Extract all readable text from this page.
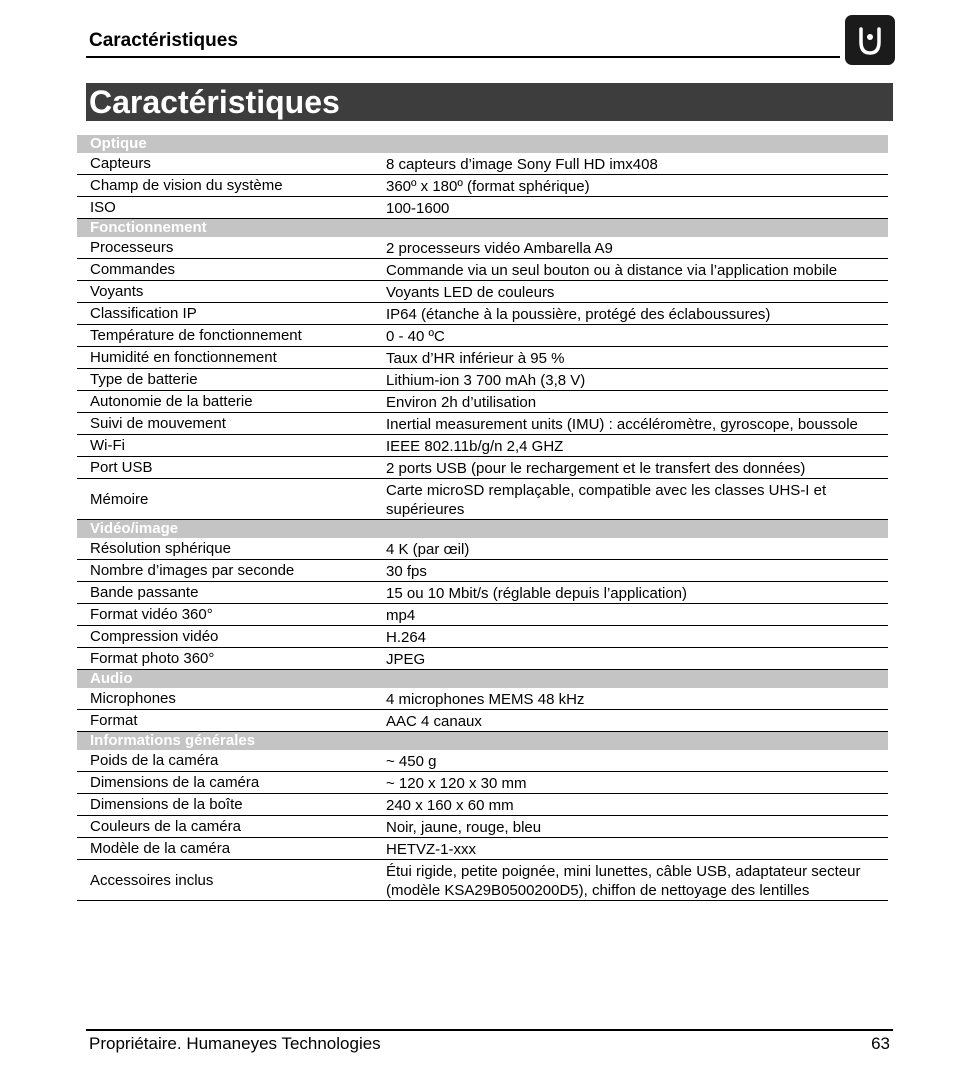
Caractéristiques
Caractéristiques
Optique	
Capteurs	8 capteurs d’image Sony Full HD imx408
Champ de vision du système	360º x 180º (format sphérique)
ISO	100-1600
Fonctionnement	
Processeurs	2 processeurs vidéo Ambarella A9
Commandes	Commande via un seul bouton ou à distance via l’application mobile
Voyants	Voyants LED de couleurs
Classification IP	IP64 (étanche à la poussière, protégé des éclaboussures)
Température de fonctionnement	0 - 40 ºC
Humidité en fonctionnement	Taux d’HR inférieur à 95 %
Type de batterie	Lithium-ion 3 700 mAh (3,8 V)
Autonomie de la batterie	Environ 2h d’utilisation
Suivi de mouvement	Inertial measurement units (IMU) : accéléromètre, gyroscope, boussole
Wi-Fi	IEEE 802.11b/g/n 2,4 GHZ
Port USB	2 ports USB (pour le rechargement et le transfert des données)
Mémoire	Carte microSD remplaçable, compatible avec les classes UHS-I et supérieures
Vidéo/image	
Résolution sphérique	4 K (par œil)
Nombre d’images par seconde	30 fps
Bande passante	15 ou 10 Mbit/s (réglable depuis l’application)
Format vidéo 360°	mp4
Compression vidéo	H.264
Format photo 360°	JPEG
Audio	
Microphones	4 microphones MEMS 48 kHz
Format	AAC 4 canaux
Informations générales	
Poids de la caméra	~ 450 g
Dimensions de la caméra	~ 120 x 120 x 30 mm
Dimensions de la boîte	240 x 160 x 60 mm
Couleurs de la caméra	Noir, jaune, rouge, bleu
Modèle de la caméra	HETVZ-1-xxx
Accessoires inclus	Étui rigide, petite poignée, mini lunettes, câble USB, adaptateur secteur (modèle KSA29B0500200D5), chiffon de nettoyage des lentilles
Propriétaire. Humaneyes Technologies	63
